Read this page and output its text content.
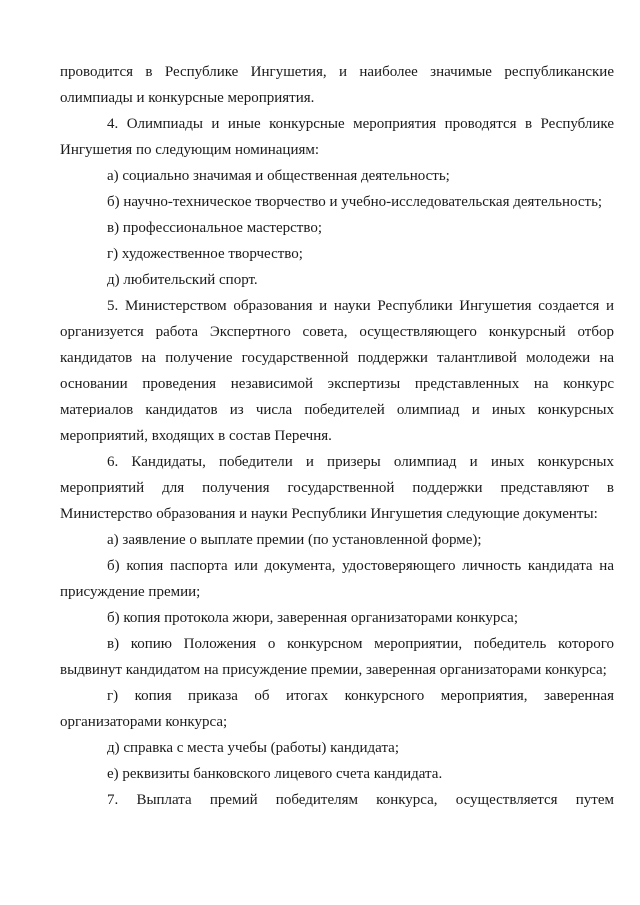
проводится в Республике Ингушетия, и наиболее значимые республиканские олимпиады и конкурсные мероприятия.

4. Олимпиады и иные конкурсные мероприятия проводятся в Республике Ингушетия по следующим номинациям:

а) социально значимая и общественная деятельность;

б) научно-техническое творчество и учебно-исследовательская деятельность;

в) профессиональное мастерство;

г) художественное творчество;

д) любительский спорт.

5. Министерством образования и науки Республики Ингушетия создается и организуется работа Экспертного совета, осуществляющего конкурсный отбор кандидатов на получение государственной поддержки талантливой молодежи на основании проведения независимой экспертизы представленных на конкурс материалов кандидатов из числа победителей олимпиад и иных конкурсных мероприятий, входящих в состав Перечня.

6. Кандидаты, победители и призеры олимпиад и иных конкурсных мероприятий для получения государственной поддержки представляют в Министерство образования и науки Республики Ингушетия следующие документы:

а) заявление о выплате премии (по установленной форме);

б) копия паспорта или документа, удостоверяющего личность кандидата на присуждение премии;

б) копия протокола жюри, заверенная организаторами конкурса;

в) копию Положения о конкурсном мероприятии, победитель которого выдвинут кандидатом на присуждение премии, заверенная организаторами конкурса;

г) копия приказа об итогах конкурсного мероприятия, заверенная организаторами конкурса;

д) справка с места учебы (работы) кандидата;

е) реквизиты банковского лицевого счета кандидата.

7. Выплата премий победителям конкурса, осуществляется путем
